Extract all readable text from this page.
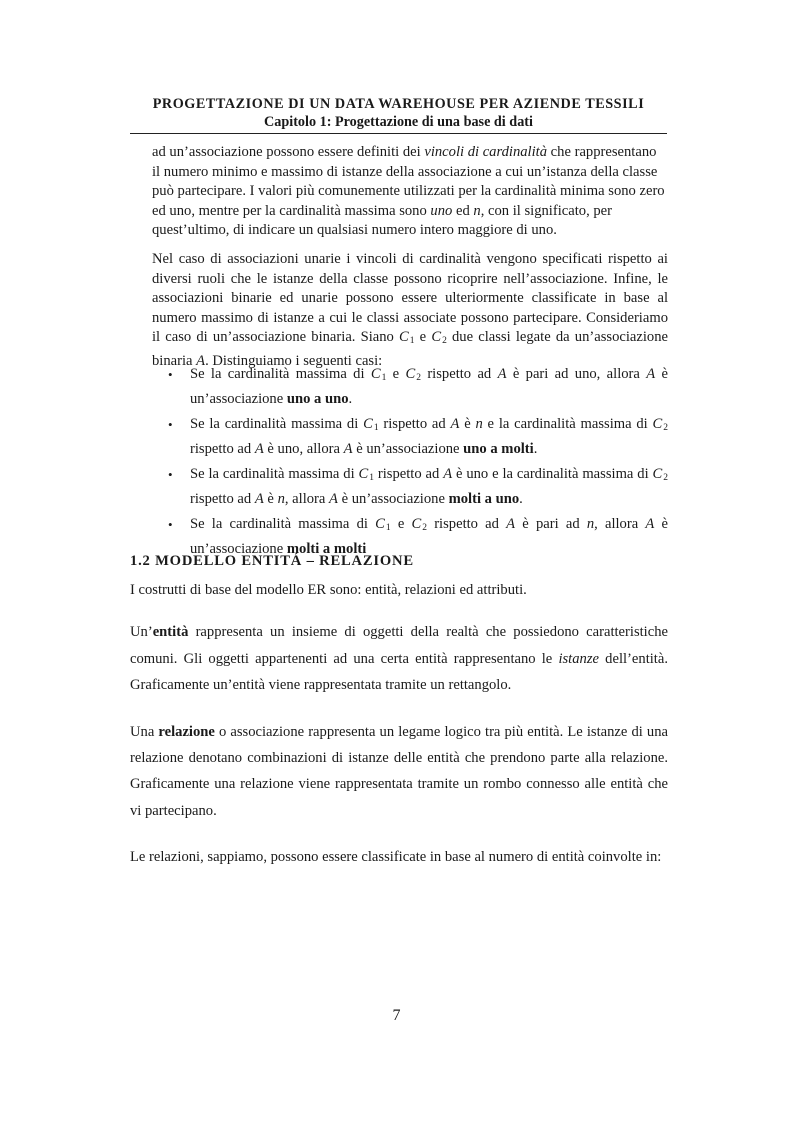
PROGETTAZIONE DI UN DATA WAREHOUSE PER AZIENDE TESSILI
Capitolo 1: Progettazione di una base di dati

ad un’associazione possono essere definiti dei vincoli di cardinalità che rappresentano il numero minimo e massimo di istanze della associazione a cui un’istanza della classe può partecipare. I valori più comunemente utilizzati per la cardinalità minima sono zero ed uno, mentre per la cardinalità massima sono uno ed n, con il significato, per quest’ultimo, di indicare un qualsiasi numero intero maggiore di uno.

Nel caso di associazioni unarie i vincoli di cardinalità vengono specificati rispetto ai diversi ruoli che le istanze della classe possono ricoprire nell’associazione. Infine, le associazioni binarie ed unarie possono essere ulteriormente classificate in base al numero massimo di istanze a cui le classi associate possono partecipare. Consideriamo il caso di un’associazione binaria. Siano $C_1$ e $C_2$ due classi legate da un’associazione binaria A. Distinguiamo i seguenti casi:

• Se la cardinalità massima di $C_1$ e $C_2$ rispetto ad A è pari ad uno, allora A è un’associazione uno a uno.
• Se la cardinalità massima di $C_1$ rispetto ad A è n e la cardinalità massima di $C_2$ rispetto ad A è uno, allora A è un’associazione uno a molti.
• Se la cardinalità massima di $C_1$ rispetto ad A è uno e la cardinalità massima di $C_2$ rispetto ad A è n, allora A è un’associazione molti a uno.
• Se la cardinalità massima di $C_1$ e $C_2$ rispetto ad A è pari ad n, allora A è un’associazione molti a molti
1.2 MODELLO ENTITÁ – RELAZIONE

I costrutti di base del modello ER sono: entità, relazioni ed attributi.

Un’entità rappresenta un insieme di oggetti della realtà che possiedono caratteristiche comuni. Gli oggetti appartenenti ad una certa entità rappresentano le istanze dell’entità. Graficamente un’entità viene rappresentata tramite un rettangolo.

Una relazione o associazione rappresenta un legame logico tra più entità. Le istanze di una relazione denotano combinazioni di istanze delle entità che prendono parte alla relazione. Graficamente una relazione viene rappresentata tramite un rombo connesso alle entità che vi partecipano.

Le relazioni, sappiamo, possono essere classificate in base al numero di entità coinvolte in:

7
